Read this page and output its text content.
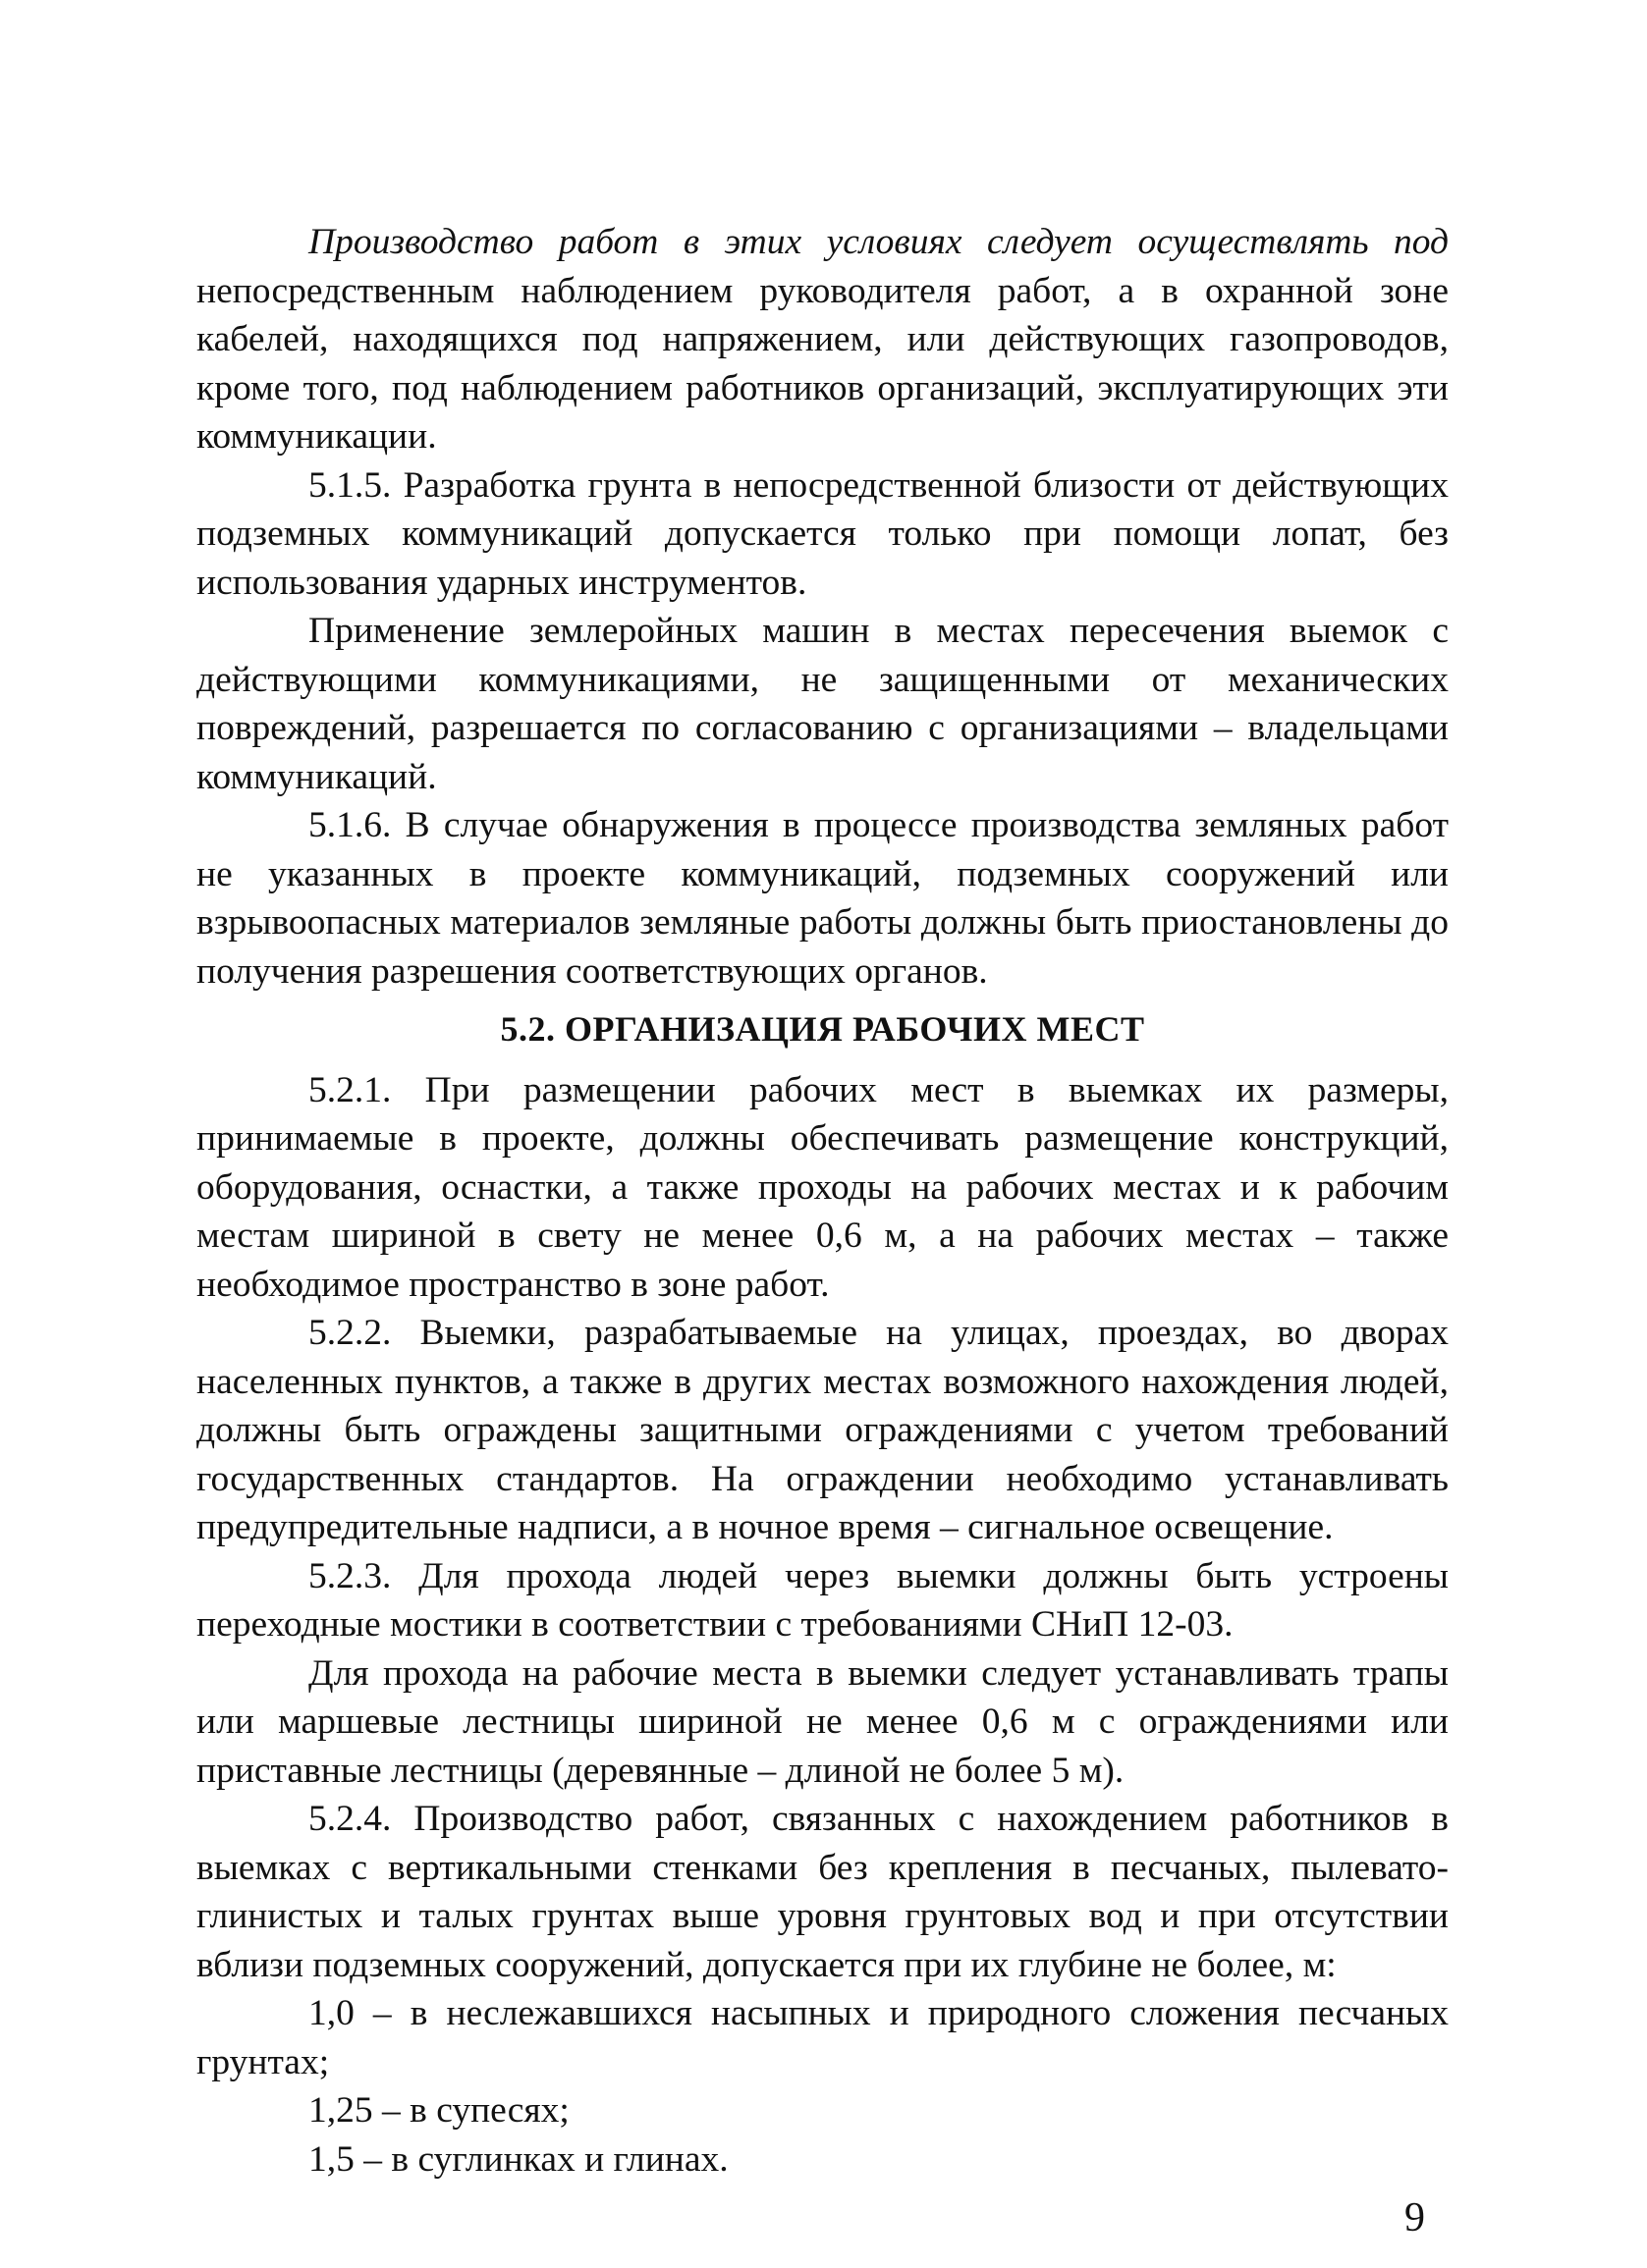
Производство работ в этих условиях следует осуществлять под непосредственным наблюдением руководителя работ, а в охранной зоне кабелей, находящихся под напряжением, или действующих газопроводов, кроме того, под наблюдением работников организаций, эксплуатирующих эти коммуникации.

5.1.5. Разработка грунта в непосредственной близости от действующих подземных коммуникаций допускается только при помощи лопат, без использования ударных инструментов.

Применение землеройных машин в местах пересечения выемок с действующими коммуникациями, не защищенными от механических повреждений, разрешается по согласованию с организациями – владельцами коммуникаций.

5.1.6. В случае обнаружения в процессе производства земляных работ не указанных в проекте коммуникаций, подземных сооружений или взрывоопасных материалов земляные работы должны быть приостановлены до получения разрешения соответствующих органов.

5.2. ОРГАНИЗАЦИЯ РАБОЧИХ МЕСТ

5.2.1. При размещении рабочих мест в выемках их размеры, принимаемые в проекте, должны обеспечивать размещение конструкций, оборудования, оснастки, а также проходы на рабочих местах и к рабочим местам шириной в свету не менее 0,6 м, а на рабочих местах – также необходимое пространство в зоне работ.

5.2.2. Выемки, разрабатываемые на улицах, проездах, во дворах населенных пунктов, а также в других местах возможного нахождения людей, должны быть ограждены защитными ограждениями с учетом требований государственных стандартов. На ограждении необходимо устанавливать предупредительные надписи, а в ночное время – сигнальное освещение.

5.2.3. Для прохода людей через выемки должны быть устроены переходные мостики в соответствии с требованиями СНиП 12-03.

Для прохода на рабочие места в выемки следует устанавливать трапы или маршевые лестницы шириной не менее 0,6 м с ограждениями или приставные лестницы (деревянные – длиной не более 5 м).

5.2.4. Производство работ, связанных с нахождением работников в выемках с вертикальными стенками без крепления в песчаных, пылевато-глинистых и талых грунтах выше уровня грунтовых вод и при отсутствии вблизи подземных сооружений, допускается при их глубине не более, м:

1,0 – в неслежавшихся насыпных и природного сложения песчаных грунтах;

1,25 – в супесях;

1,5 – в суглинках и глинах.

9
